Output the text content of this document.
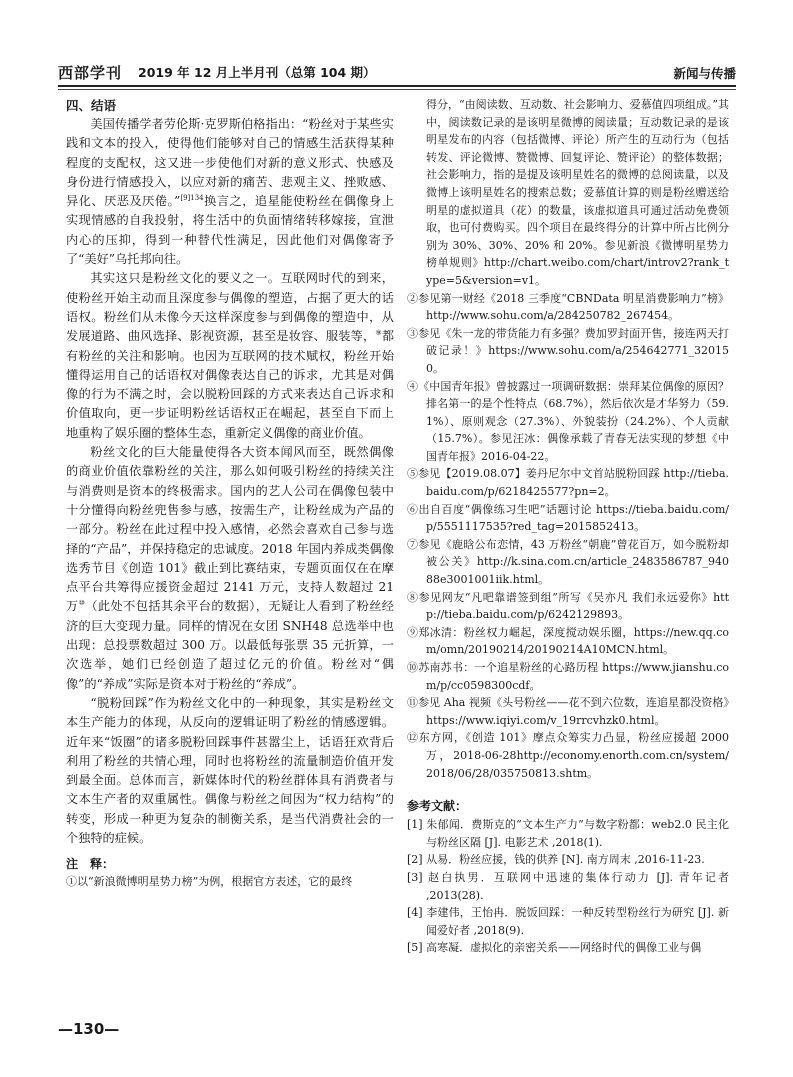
西部学刊 2019 年 12 月上半月刊（总第 104 期）	新闻与传播

四、结语

美国传播学者劳伦斯·克罗斯伯格指出：“粉丝对于某些实践和文本的投入，使得他们能够对自己的情感生活获得某种程度的支配权，这又进一步使他们对新的意义形式、快感及身份进行情感投入，以应对新的痛苦、悲观主义、挫败感、异化、厌恶及厌倦。”$^{[9]134}$换言之，追星能使粉丝在偶像身上实现情感的自我投射，将生活中的负面情绪转移嫁接，宣泄内心的压抑，得到一种替代性满足，因此他们对偶像寄予了“美好”乌托邦向往。

其实这只是粉丝文化的要义之一。互联网时代的到来，使粉丝开始主动而且深度参与偶像的塑造，占据了更大的话语权。粉丝们从未像今天这样深度参与到偶像的塑造中，从发展道路、曲风选择、影视资源，甚至是妆容、服装等，⑨都有粉丝的关注和影响。也因为互联网的技术赋权，粉丝开始懂得运用自己的话语权对偶像表达自己的诉求，尤其是对偶像的行为不满之时，会以脱粉回踩的方式来表达自己诉求和价值取向，更一步证明粉丝话语权正在崛起，甚至自下而上地重构了娱乐圈的整体生态，重新定义偶像的商业价值。

粉丝文化的巨大能量使得各大资本闻风而至，既然偶像的商业价值依靠粉丝的关注，那么如何吸引粉丝的持续关注与消费则是资本的终极需求。国内的艺人公司在偶像包装中十分懂得向粉丝兜售参与感，按需生产，让粉丝成为产品的一部分。粉丝在此过程中投入感情，必然会喜欢自己参与选择的“产品”，并保持稳定的忠诚度。2018 年国内养成类偶像选秀节目《创造 101》截止到比赛结束，专题页面仅在在摩点平台共筹得应援资金超过 2141 万元，支持人数超过 21 万⑩（此处不包括其余平台的数据），无疑让人看到了粉丝经济的巨大变现力量。同样的情况在女团 SNH48 总选举中也出现：总投票数超过 300 万。以最低每张票 35 元折算，一次选举，她们已经创造了超过亿元的价值。粉丝对“偶像”的“养成”实际是资本对于粉丝的“养成”。

“脱粉回踩”作为粉丝文化中的一种现象，其实是粉丝文本生产能力的体现，从反向的逻辑证明了粉丝的情感逻辑。近年来“饭圈”的诸多脱粉回踩事件甚嚣尘上，话语狂欢背后利用了粉丝的共情心理，同时也将粉丝的流量制造价值开发到最全面。总体而言，新媒体时代的粉丝群体具有消费者与文本生产者的双重属性。偶像与粉丝之间因为“权力结构”的转变，形成一种更为复杂的制衡关系，是当代消费社会的一个独特的症候。

注　释：

①以“新浪微博明星势力榜”为例，根据官方表述，它的最终

得分，“由阅读数、互动数、社会影响力、爱慕值四项组成。”其中，阅读数记录的是该明星微博的阅读量；互动数记录的是该明星发布的内容（包括微博、评论）所产生的互动行为（包括转发、评论微博、赞微博、回复评论、赞评论）的整体数据；社会影响力，指的是提及该明星姓名的微博的总阅读量，以及微博上该明星姓名的搜索总数；爱慕值计算的则是粉丝赠送给明星的虚拟道具（花）的数量，该虚拟道具可通过活动免费领取，也可付费购买。四个项目在最终得分的计算中所占比例分别为 30%、30%、20% 和 20%。参见新浪《微博明星势力榜单规则》http://chart.weibo.com/chart/introv2?rank_type=5&version=v1。

②参见第一财经《2018 三季度“CBNData 明星消费影响力”榜》http://www.sohu.com/a/284250782_267454。

③参见《朱一龙的带货能力有多强？费加罗封面开售，接连两天打破记录！》https://www.sohu.com/a/254642771_320150。

④《中国青年报》曾披露过一项调研数据：崇拜某位偶像的原因？排名第一的是个性特点（68.7%），然后依次是才华努力（59.1%）、原则观念（27.3%）、外貌装扮（24.2%）、个人贡献（15.7%）。参见汪冰：偶像承载了青春无法实现的梦想《中国青年报》2016-04-22。

⑤参见【2019.08.07】姜丹尼尔中文首站脱粉回踩 http://tieba.baidu.com/p/6218425577?pn=2。

⑥出自百度“偶像练习生吧”话题讨论 https://tieba.baidu.com/p/5551117535?red_tag=2015852413。

⑦参见《鹿晗公布恋情，43 万粉丝“朝鹿”曾花百万，如今脱粉却被公关》http://k.sina.com.cn/article_2483586787_94088e3001001iik.html。

⑧参见网友“凡吧靠谱签到组”所写《吴亦凡 我们永远爱你》http://tieba.baidu.com/p/6242129893。

⑨郑冰清：粉丝权力崛起，深度搅动娱乐圈，https://new.qq.com/omn/20190214/20190214A10MCN.html。

⑩苏南苏书：一个追星粉丝的心路历程 https://www.jianshu.com/p/cc0598300cdf。

⑪参见 Aha 视频《头号粉丝——花不到六位数，连追星都没资格》https://www.iqiyi.com/v_19rrcvhzk0.html。

⑫东方网，《创造 101》摩点众筹实力凸显，粉丝应援超 2000 万，2018-06-28http://economy.enorth.com.cn/system/2018/06/28/035750813.shtm。

参考文献：

[1] 朱郁闻．费斯克的“文本生产力”与数字粉都：web2.0 民主化与粉丝区隔 [J]. 电影艺术 ,2018(1).

[2] 从易．粉丝应援，钱的供养 [N]. 南方周末 ,2016-11-23.

[3] 赵白执男．互联网中迅速的集体行动力 [J]. 青年记者 ,2013(28).

[4] 李建伟，王怡冉．脱饭回踩：一种反转型粉丝行为研究 [J]. 新闻爱好者 ,2018(9).

[5] 高寒凝．虚拟化的亲密关系——网络时代的偶像工业与偶

—130—
